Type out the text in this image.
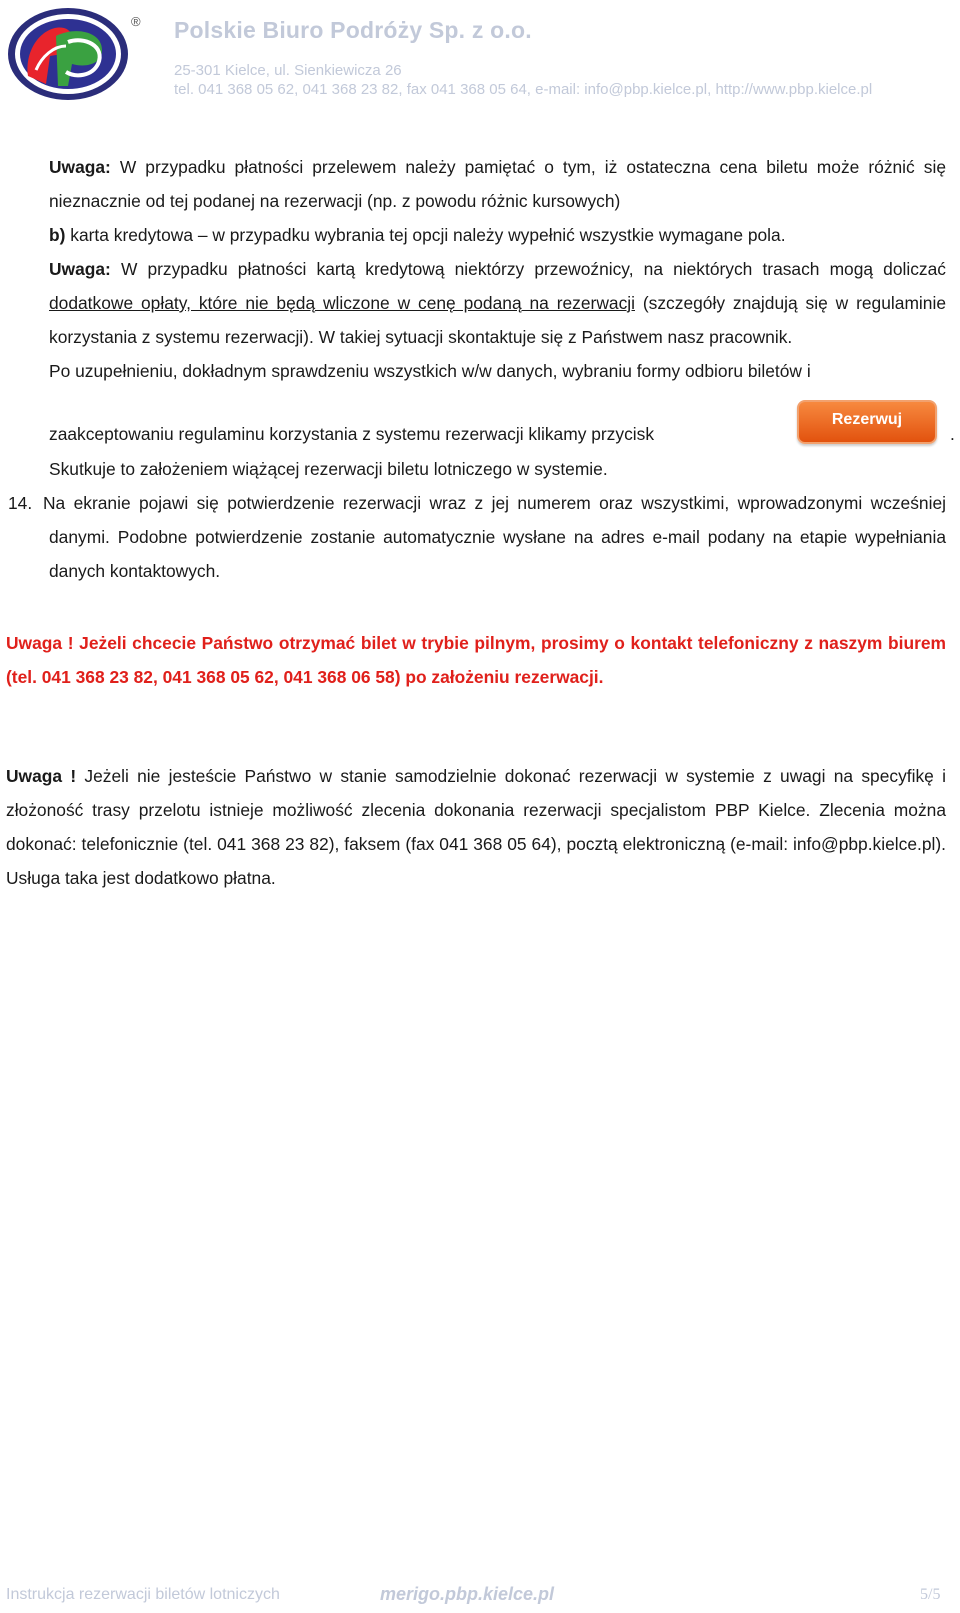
® Polskie Biuro Podróży Sp. z o.o.
25-301 Kielce, ul. Sienkiewicza 26
tel. 041 368 05 62, 041 368 23 82, fax 041 368 05 64, e-mail: info@pbp.kielce.pl, http://www.pbp.kielce.pl

Uwaga: W przypadku płatności przelewem należy pamiętać o tym, iż ostateczna cena biletu może różnić się nieznacznie od tej podanej na rezerwacji (np. z powodu różnic kursowych)

b) karta kredytowa – w przypadku wybrania tej opcji należy wypełnić wszystkie wymagane pola.

Uwaga: W przypadku płatności kartą kredytową niektórzy przewoźnicy, na niektórych trasach mogą doliczać dodatkowe opłaty, które nie będą wliczone w cenę podaną na rezerwacji (szczegóły znajdują się w regulaminie korzystania z systemu rezerwacji). W takiej sytuacji skontaktuje się z Państwem nasz pracownik.

Po uzupełnieniu, dokładnym sprawdzeniu wszystkich w/w danych, wybraniu formy odbioru biletów i

zaakceptowaniu regulaminu korzystania z systemu rezerwacji klikamy przycisk
Rezerwuj
.

Skutkuje to założeniem wiążącej rezerwacji biletu lotniczego w systemie.

14. Na ekranie pojawi się potwierdzenie rezerwacji wraz z jej numerem oraz wszystkimi, wprowadzonymi wcześniej danymi. Podobne potwierdzenie zostanie automatycznie wysłane na adres e-mail podany na etapie wypełniania danych kontaktowych.

Uwaga ! Jeżeli chcecie Państwo otrzymać bilet w trybie pilnym, prosimy o kontakt telefoniczny z naszym biurem (tel. 041 368 23 82, 041 368 05 62, 041 368 06 58) po założeniu rezerwacji.

Uwaga ! Jeżeli nie jesteście Państwo w stanie samodzielnie dokonać rezerwacji w systemie z uwagi na specyfikę i złożoność trasy przelotu istnieje możliwość zlecenia dokonania rezerwacji specjalistom PBP Kielce. Zlecenia można dokonać: telefonicznie (tel. 041 368 23 82), faksem (fax 041 368 05 64), pocztą elektroniczną (e-mail: info@pbp.kielce.pl). Usługa taka jest dodatkowo płatna.

Instrukcja rezerwacji biletów lotniczych	merigo.pbp.kielce.pl	5/5
